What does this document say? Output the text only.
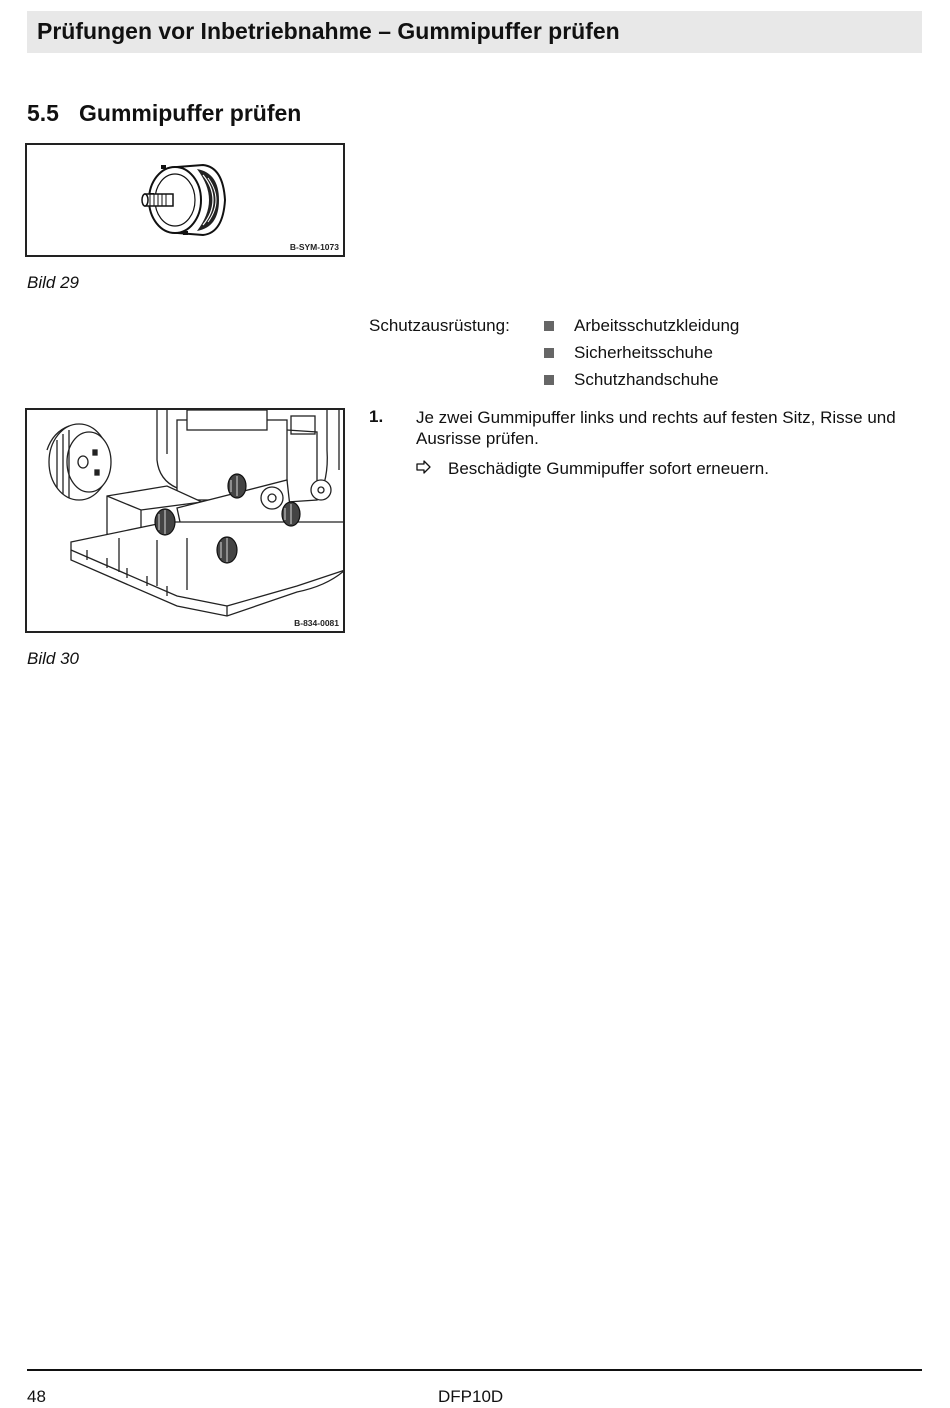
Prüfungen vor Inbetriebnahme – Gummipuffer prüfen
5.5 Gummipuffer prüfen
B-SYM-1073
Bild 29
Schutzausrüstung:	Arbeitsschutzkleidung
Sicherheitsschuhe
Schutzhandschuhe
B-834-0081
Bild 30
1. Je zwei Gummipuffer links und rechts auf festen Sitz, Risse und Ausrisse prüfen.
Beschädigte Gummipuffer sofort erneuern.
48	DFP10D
